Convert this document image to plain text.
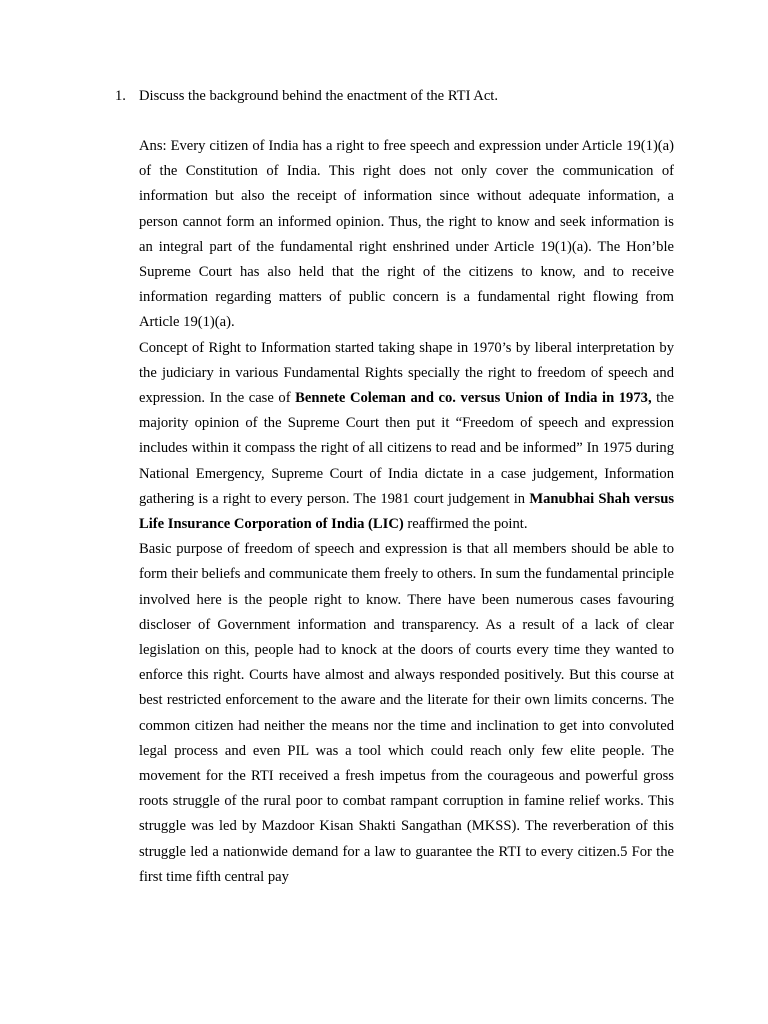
1. Discuss the background behind the enactment of the RTI Act.

Ans: Every citizen of India has a right to free speech and expression under Article 19(1)(a) of the Constitution of India. This right does not only cover the communication of information but also the receipt of information since without adequate information, a person cannot form an informed opinion. Thus, the right to know and seek information is an integral part of the fundamental right enshrined under Article 19(1)(a). The Hon’ble Supreme Court has also held that the right of the citizens to know, and to receive information regarding matters of public concern is a fundamental right flowing from Article 19(1)(a).

Concept of Right to Information started taking shape in 1970’s by liberal interpretation by the judiciary in various Fundamental Rights specially the right to freedom of speech and expression. In the case of Bennete Coleman and co. versus Union of India in 1973, the majority opinion of the Supreme Court then put it “Freedom of speech and expression includes within it compass the right of all citizens to read and be informed” In 1975 during National Emergency, Supreme Court of India dictate in a case judgement, Information gathering is a right to every person. The 1981 court judgement in Manubhai Shah versus Life Insurance Corporation of India (LIC) reaffirmed the point.

Basic purpose of freedom of speech and expression is that all members should be able to form their beliefs and communicate them freely to others. In sum the fundamental principle involved here is the people right to know. There have been numerous cases favouring discloser of Government information and transparency. As a result of a lack of clear legislation on this, people had to knock at the doors of courts every time they wanted to enforce this right. Courts have almost and always responded positively. But this course at best restricted enforcement to the aware and the literate for their own limits concerns. The common citizen had neither the means nor the time and inclination to get into convoluted legal process and even PIL was a tool which could reach only few elite people. The movement for the RTI received a fresh impetus from the courageous and powerful gross roots struggle of the rural poor to combat rampant corruption in famine relief works. This struggle was led by Mazdoor Kisan Shakti Sangathan (MKSS). The reverberation of this struggle led a nationwide demand for a law to guarantee the RTI to every citizen.5 For the first time fifth central pay
